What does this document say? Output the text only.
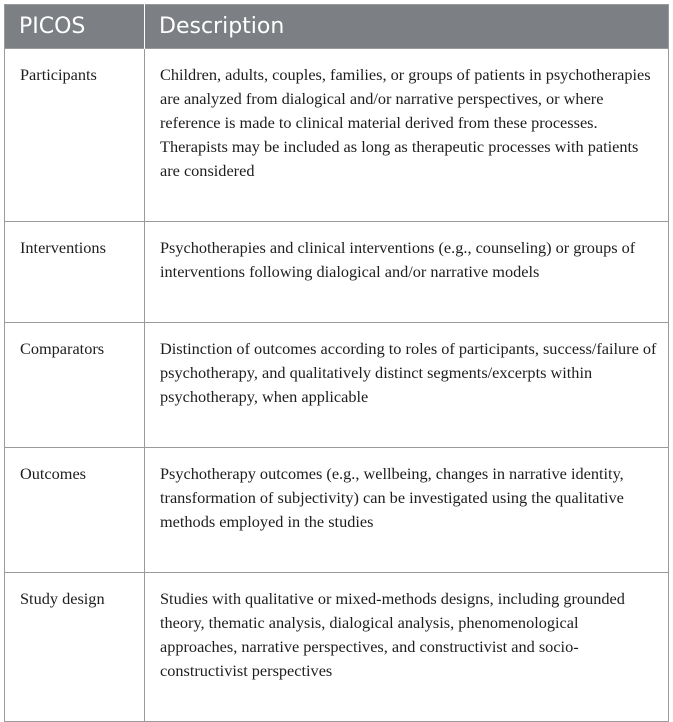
PICOS	Description
Participants	Children, adults, couples, families, or groups of patients in psychotherapies are analyzed from dialogical and/or narrative perspectives, or where reference is made to clinical material derived from these processes. Therapists may be included as long as therapeutic processes with patients are considered
Interventions	Psychotherapies and clinical interventions (e.g., counseling) or groups of interventions following dialogical and/or narrative models
Comparators	Distinction of outcomes according to roles of participants, success/failure of psychotherapy, and qualitatively distinct segments/excerpts within psychotherapy, when applicable
Outcomes	Psychotherapy outcomes (e.g., wellbeing, changes in narrative identity, transformation of subjectivity) can be investigated using the qualitative methods employed in the studies
Study design	Studies with qualitative or mixed-methods designs, including grounded theory, thematic analysis, dialogical analysis, phenomenological approaches, narrative perspectives, and constructivist and socio-constructivist perspectives
